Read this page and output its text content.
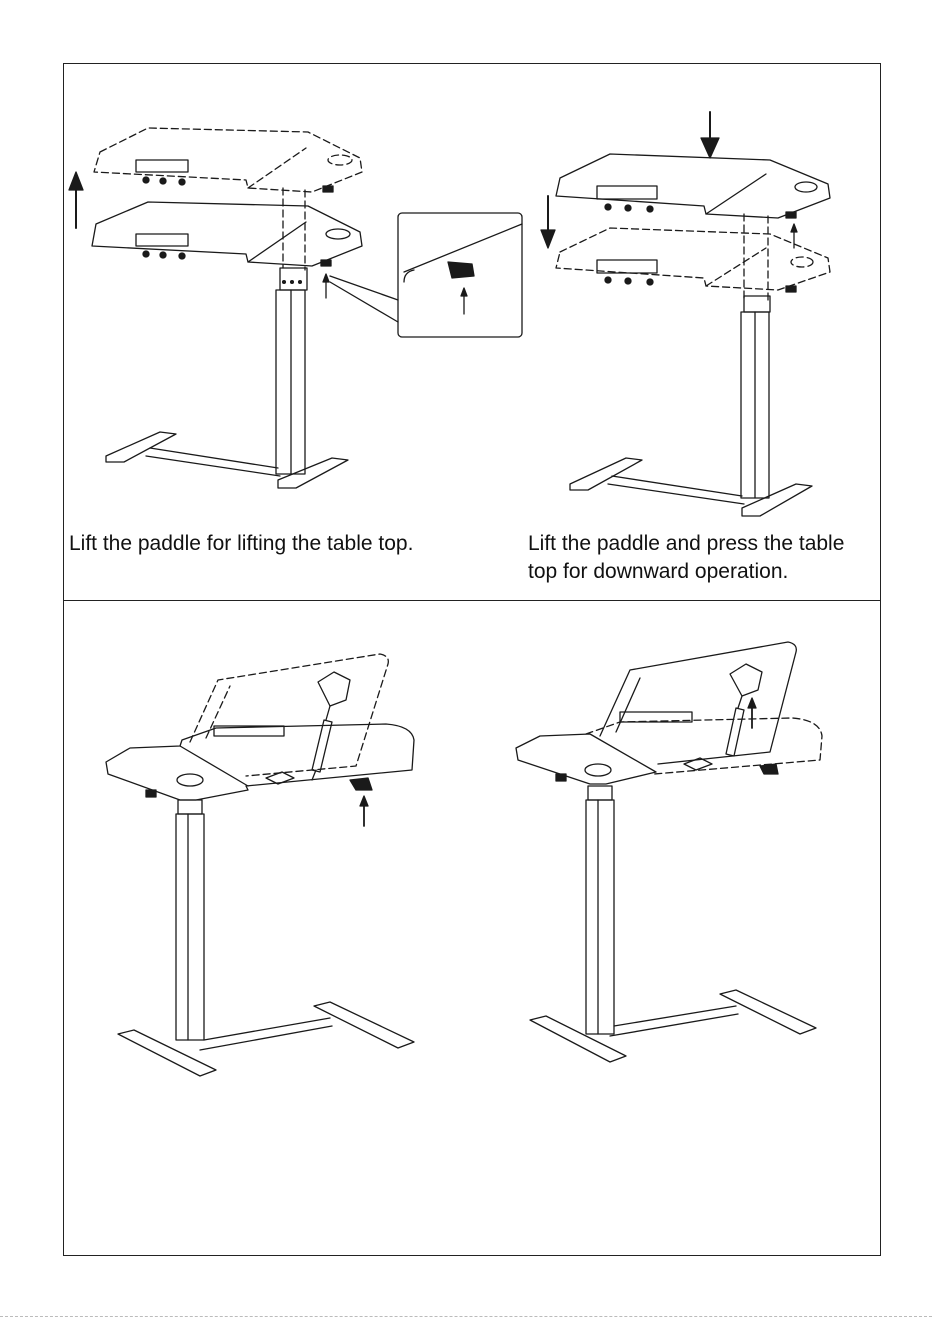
Lift the paddle for lifting the table top.	Lift the paddle and press the table top for downward operation.
